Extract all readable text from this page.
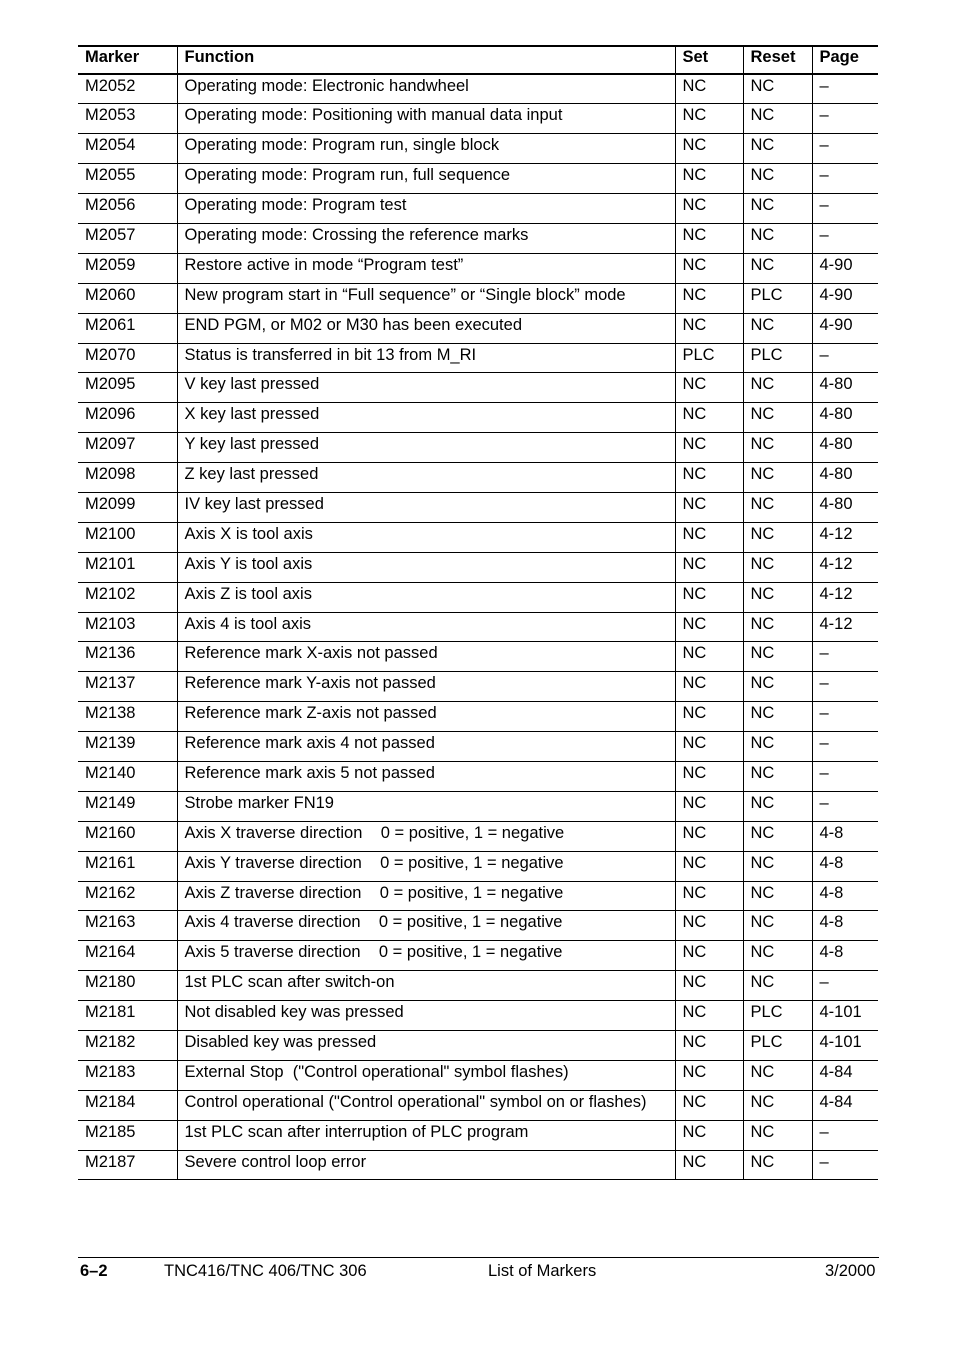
Marker	Function	Set	Reset	Page
M2052	Operating mode: Electronic handwheel	NC	NC	–
M2053	Operating mode: Positioning with manual data input	NC	NC	–
M2054	Operating mode: Program run, single block	NC	NC	–
M2055	Operating mode: Program run, full sequence	NC	NC	–
M2056	Operating mode: Program test	NC	NC	–
M2057	Operating mode: Crossing the reference marks	NC	NC	–
M2059	Restore active in mode “Program test”	NC	NC	4-90
M2060	New program start in “Full sequence” or “Single block” mode	NC	PLC	4-90
M2061	END PGM, or M02 or M30 has been executed	NC	NC	4-90
M2070	Status is transferred in bit 13 from M_RI	PLC	PLC	–
M2095	V key last pressed	NC	NC	4-80
M2096	X key last pressed	NC	NC	4-80
M2097	Y key last pressed	NC	NC	4-80
M2098	Z key last pressed	NC	NC	4-80
M2099	IV key last pressed	NC	NC	4-80
M2100	Axis X is tool axis	NC	NC	4-12
M2101	Axis Y is tool axis	NC	NC	4-12
M2102	Axis Z is tool axis	NC	NC	4-12
M2103	Axis 4 is tool axis	NC	NC	4-12
M2136	Reference mark X-axis not passed	NC	NC	–
M2137	Reference mark Y-axis not passed	NC	NC	–
M2138	Reference mark Z-axis not passed	NC	NC	–
M2139	Reference mark axis 4 not passed	NC	NC	–
M2140	Reference mark axis 5 not passed	NC	NC	–
M2149	Strobe marker FN19	NC	NC	–
M2160	Axis X traverse direction    0 = positive, 1 = negative	NC	NC	4-8
M2161	Axis Y traverse direction    0 = positive, 1 = negative	NC	NC	4-8
M2162	Axis Z traverse direction    0 = positive, 1 = negative	NC	NC	4-8
M2163	Axis 4 traverse direction    0 = positive, 1 = negative	NC	NC	4-8
M2164	Axis 5 traverse direction    0 = positive, 1 = negative	NC	NC	4-8
M2180	1st PLC scan after switch-on	NC	NC	–
M2181	Not disabled key was pressed	NC	PLC	4-101
M2182	Disabled key was pressed	NC	PLC	4-101
M2183	External Stop  ("Control operational" symbol flashes)	NC	NC	4-84
M2184	Control operational ("Control operational" symbol on or flashes)	NC	NC	4-84
M2185	1st PLC scan after interruption of PLC program	NC	NC	–
M2187	Severe control loop error	NC	NC	–
6–2	TNC416/TNC 406/TNC 306	List of Markers	3/2000
